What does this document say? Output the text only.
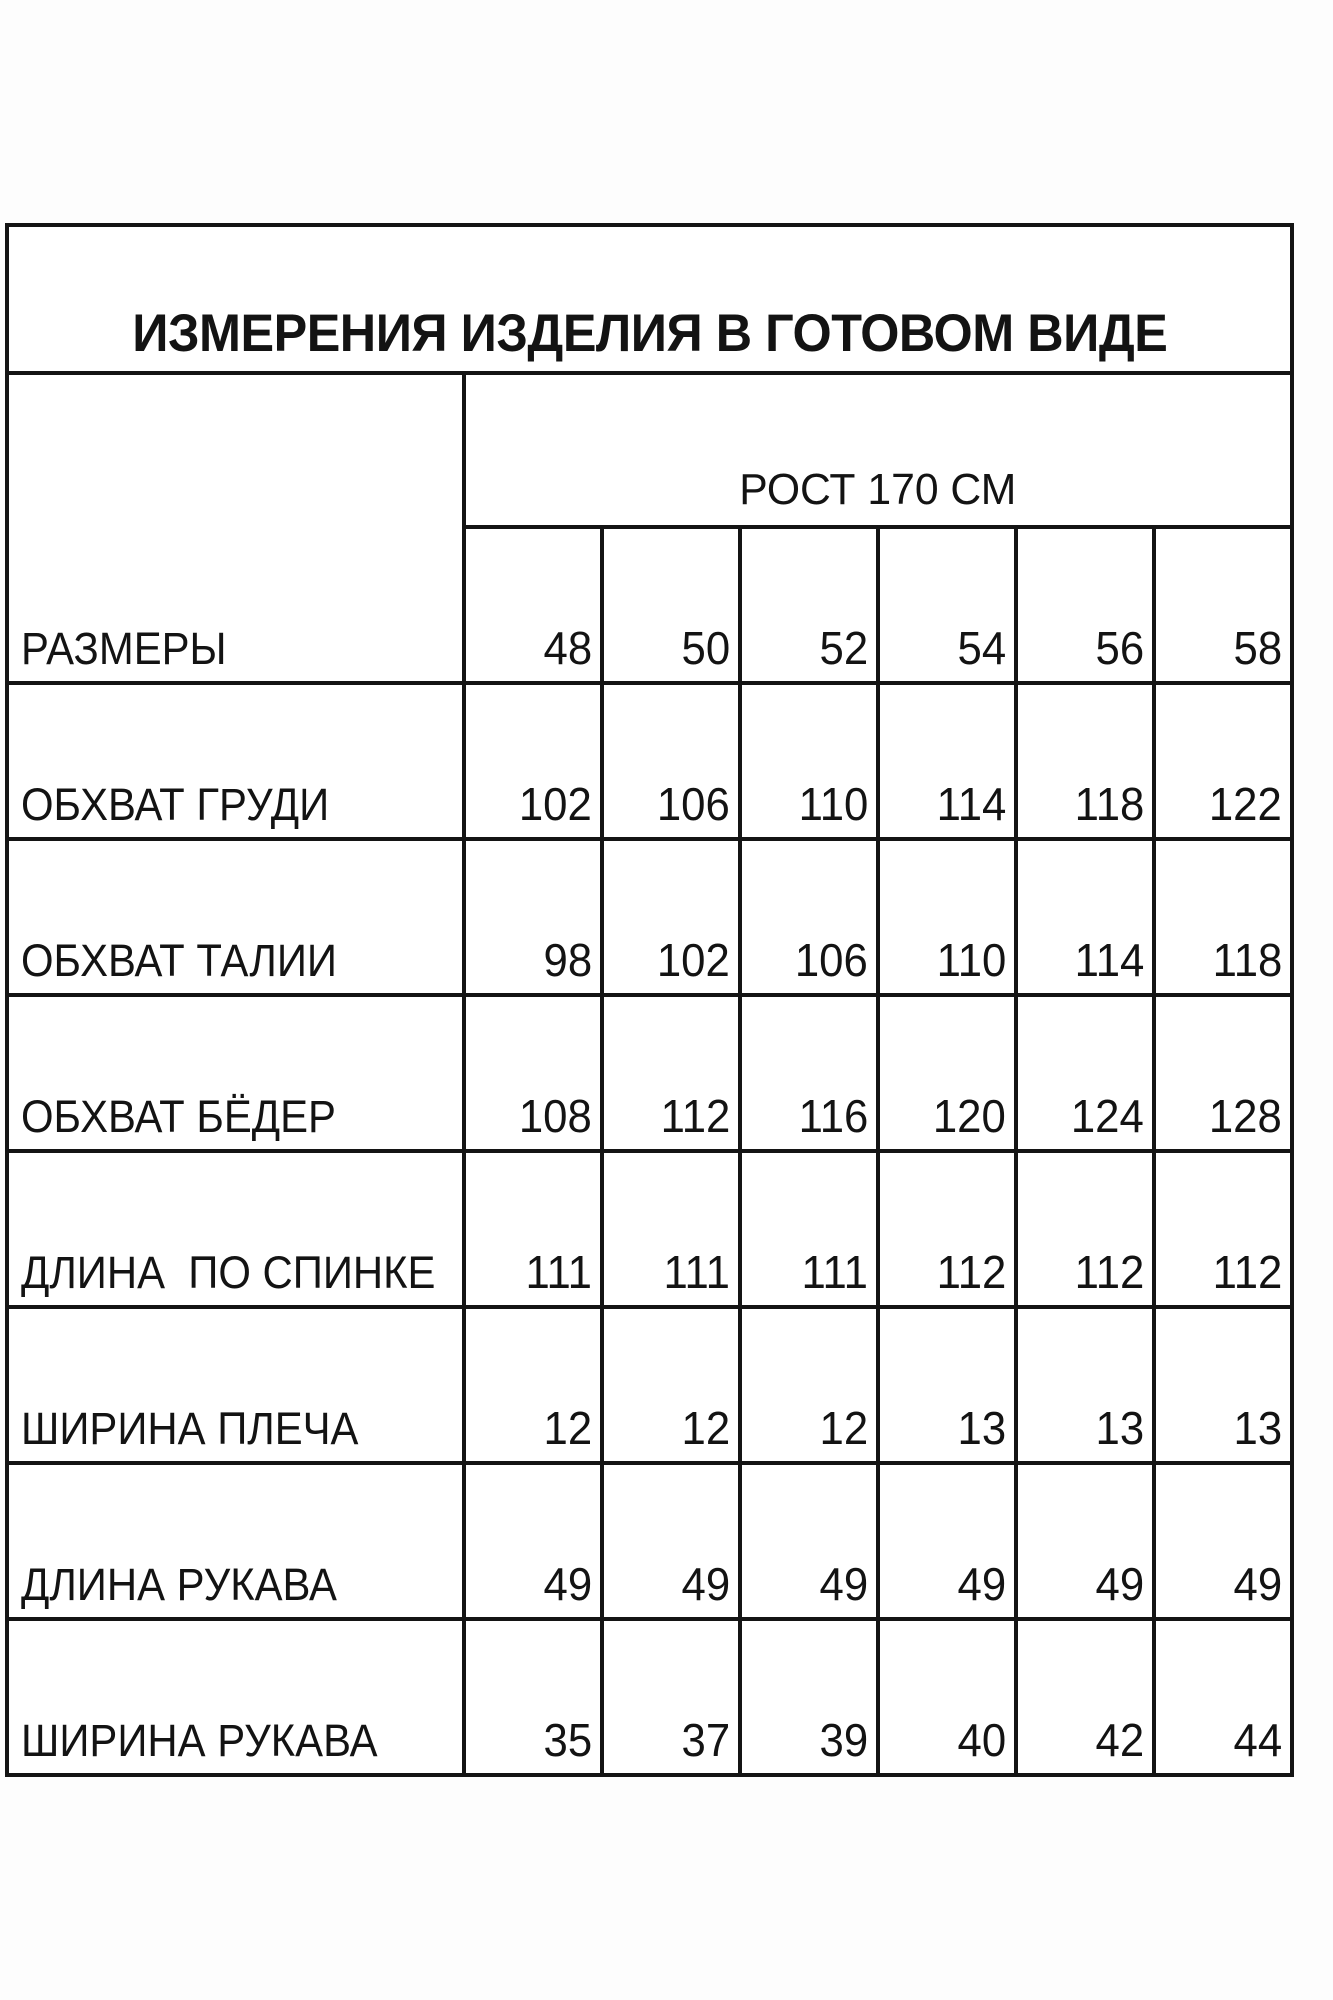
ИЗМЕРЕНИЯ ИЗДЕЛИЯ В ГОТОВОМ ВИДЕ
РОСТ 170 СМ
РАЗМЕРЫ	48 50 52 54 56 58
ОБХВАТ ГРУДИ	102 106 110 114 118 122
ОБХВАТ ТАЛИИ	98 102 106 110 114 118
ОБХВАТ БЁДЕР	108 112 116 120 124 128
ДЛИНА  ПО СПИНКЕ 111 111 111 112 112 112
ШИРИНА ПЛЕЧА	12 12 12 13 13 13
ДЛИНА РУКАВА	49 49 49 49 49 49
ШИРИНА РУКАВА	35 37 39 40 42 44
